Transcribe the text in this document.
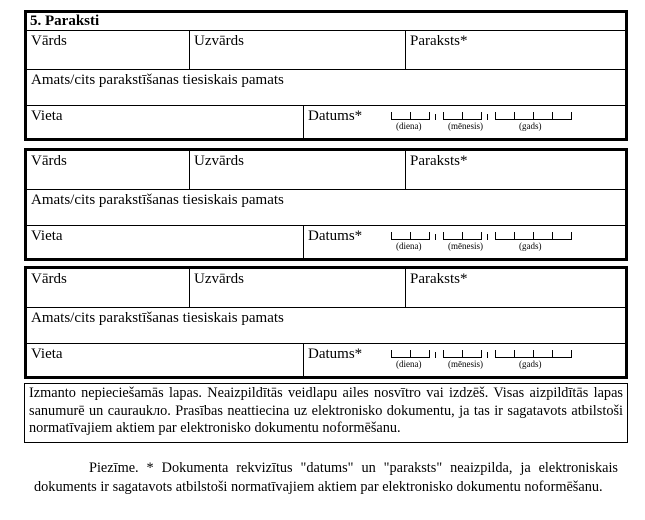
5. Paraksti
Vārds	Uzvārds	Paraksts*
Amats/cits parakstīšanas tiesiskais pamats
Vieta	Datums*
(diena)	(mēnesis)	(gads)
Vārds	Uzvārds	Paraksts*
Amats/cits parakstīšanas tiesiskais pamats
Vieta	Datums*
(diena)	(mēnesis)	(gads)
Vārds	Uzvārds	Paraksts*
Amats/cits parakstīšanas tiesiskais pamats
Vieta	Datums*
(diena)	(mēnesis)	(gads)
Izmanto nepieciešamās lapas. Neaizpildītās veidlapu ailes nosvītro vai izdzēš. Visas aizpildītās lapas sanumurē un cauraukло. Prasības neattiecina uz elektronisko dokumentu, ja tas ir sagatavots atbilstoši normatīvajiem aktiem par elektronisko dokumentu noformēšanu.
Piezīme. * Dokumenta rekvizītus "datums" un "paraksts" neaizpilda, ja elektroniskais dokuments ir sagatavots atbilstoši normatīvajiem aktiem par elektronisko dokumentu noformēšanu.
